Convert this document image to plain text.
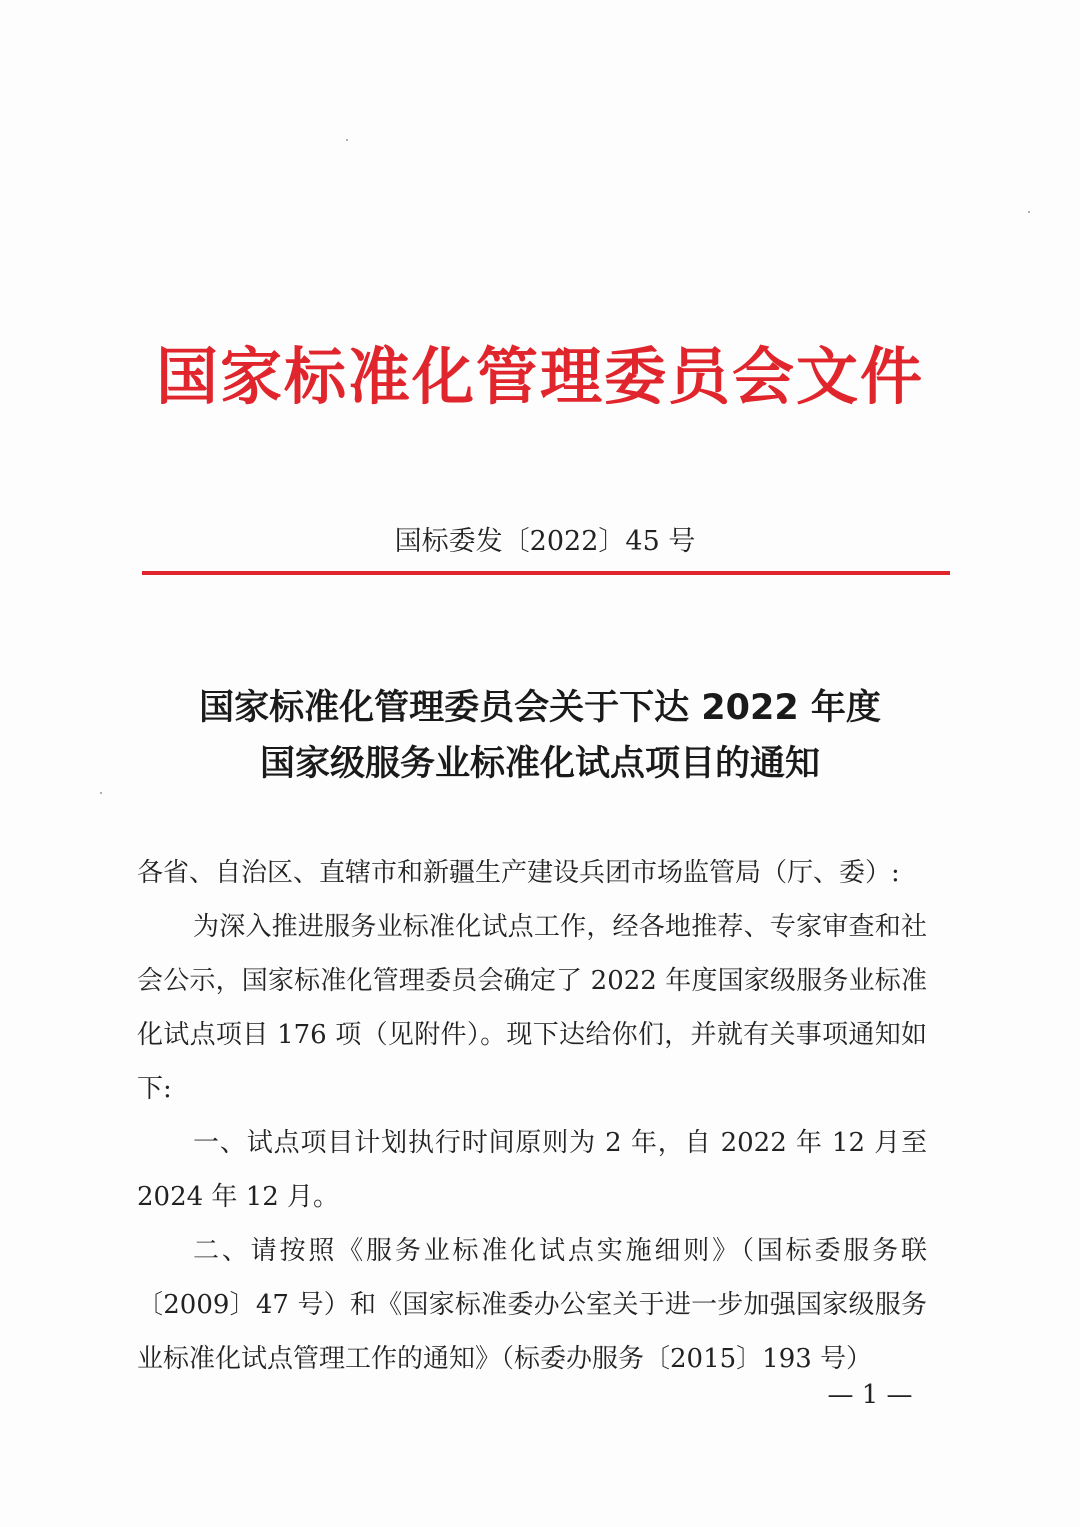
国家标准化管理委员会文件
国标委发〔2022〕45 号
国家标准化管理委员会关于下达 2022 年度
国家级服务业标准化试点项目的通知

各省、自治区、直辖市和新疆生产建设兵团市场监管局（厅、委）:

为深入推进服务业标准化试点工作，经各地推荐、专家审查和社会公示，国家标准化管理委员会确定了 2022 年度国家级服务业标准化试点项目 176 项（见附件）。现下达给你们，并就有关事项通知如下:

一、试点项目计划执行时间原则为 2 年，自 2022 年 12 月至 2024 年 12 月。

二、请按照《服务业标准化试点实施细则》（国标委服务联〔2009〕47 号）和《国家标准委办公室关于进一步加强国家级服务业标准化试点管理工作的通知》（标委办服务〔2015〕193 号）

— 1 —
